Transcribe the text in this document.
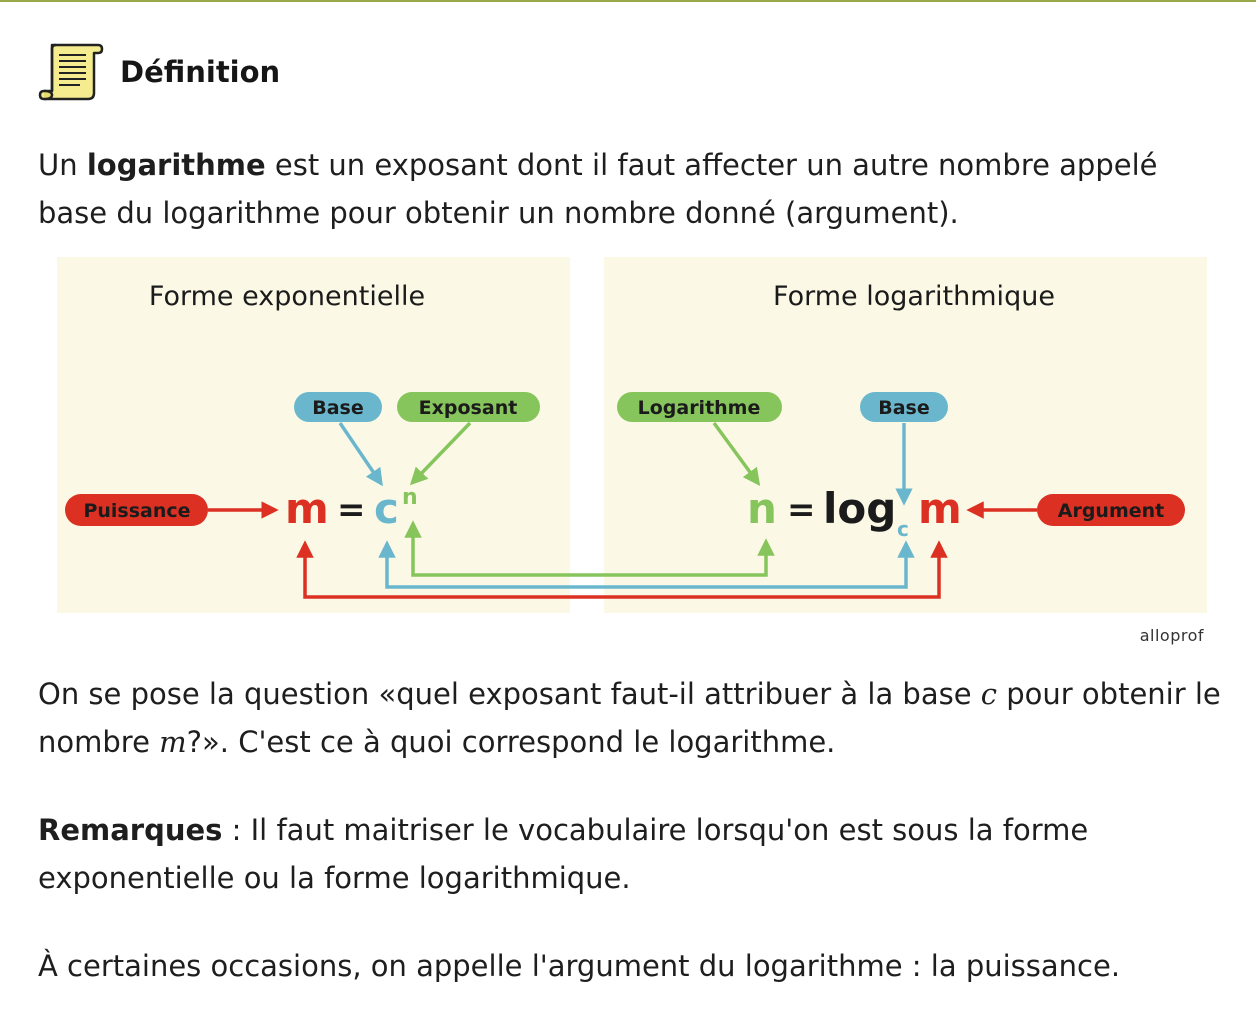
Définition

Un logarithme est un exposant dont il faut affecter un autre nombre appelé base du logarithme pour obtenir un nombre donné (argument).

Forme exponentielle	Forme logarithmique
Base	Exposant	Logarithme	Base
Puissance	Argument
m = c n	n = log c m
alloprof

On se pose la question «quel exposant faut-il attribuer à la base c pour obtenir le nombre m?». C'est ce à quoi correspond le logarithme.

Remarques : Il faut maitriser le vocabulaire lorsqu'on est sous la forme exponentielle ou la forme logarithmique.

À certaines occasions, on appelle l'argument du logarithme : la puissance.
